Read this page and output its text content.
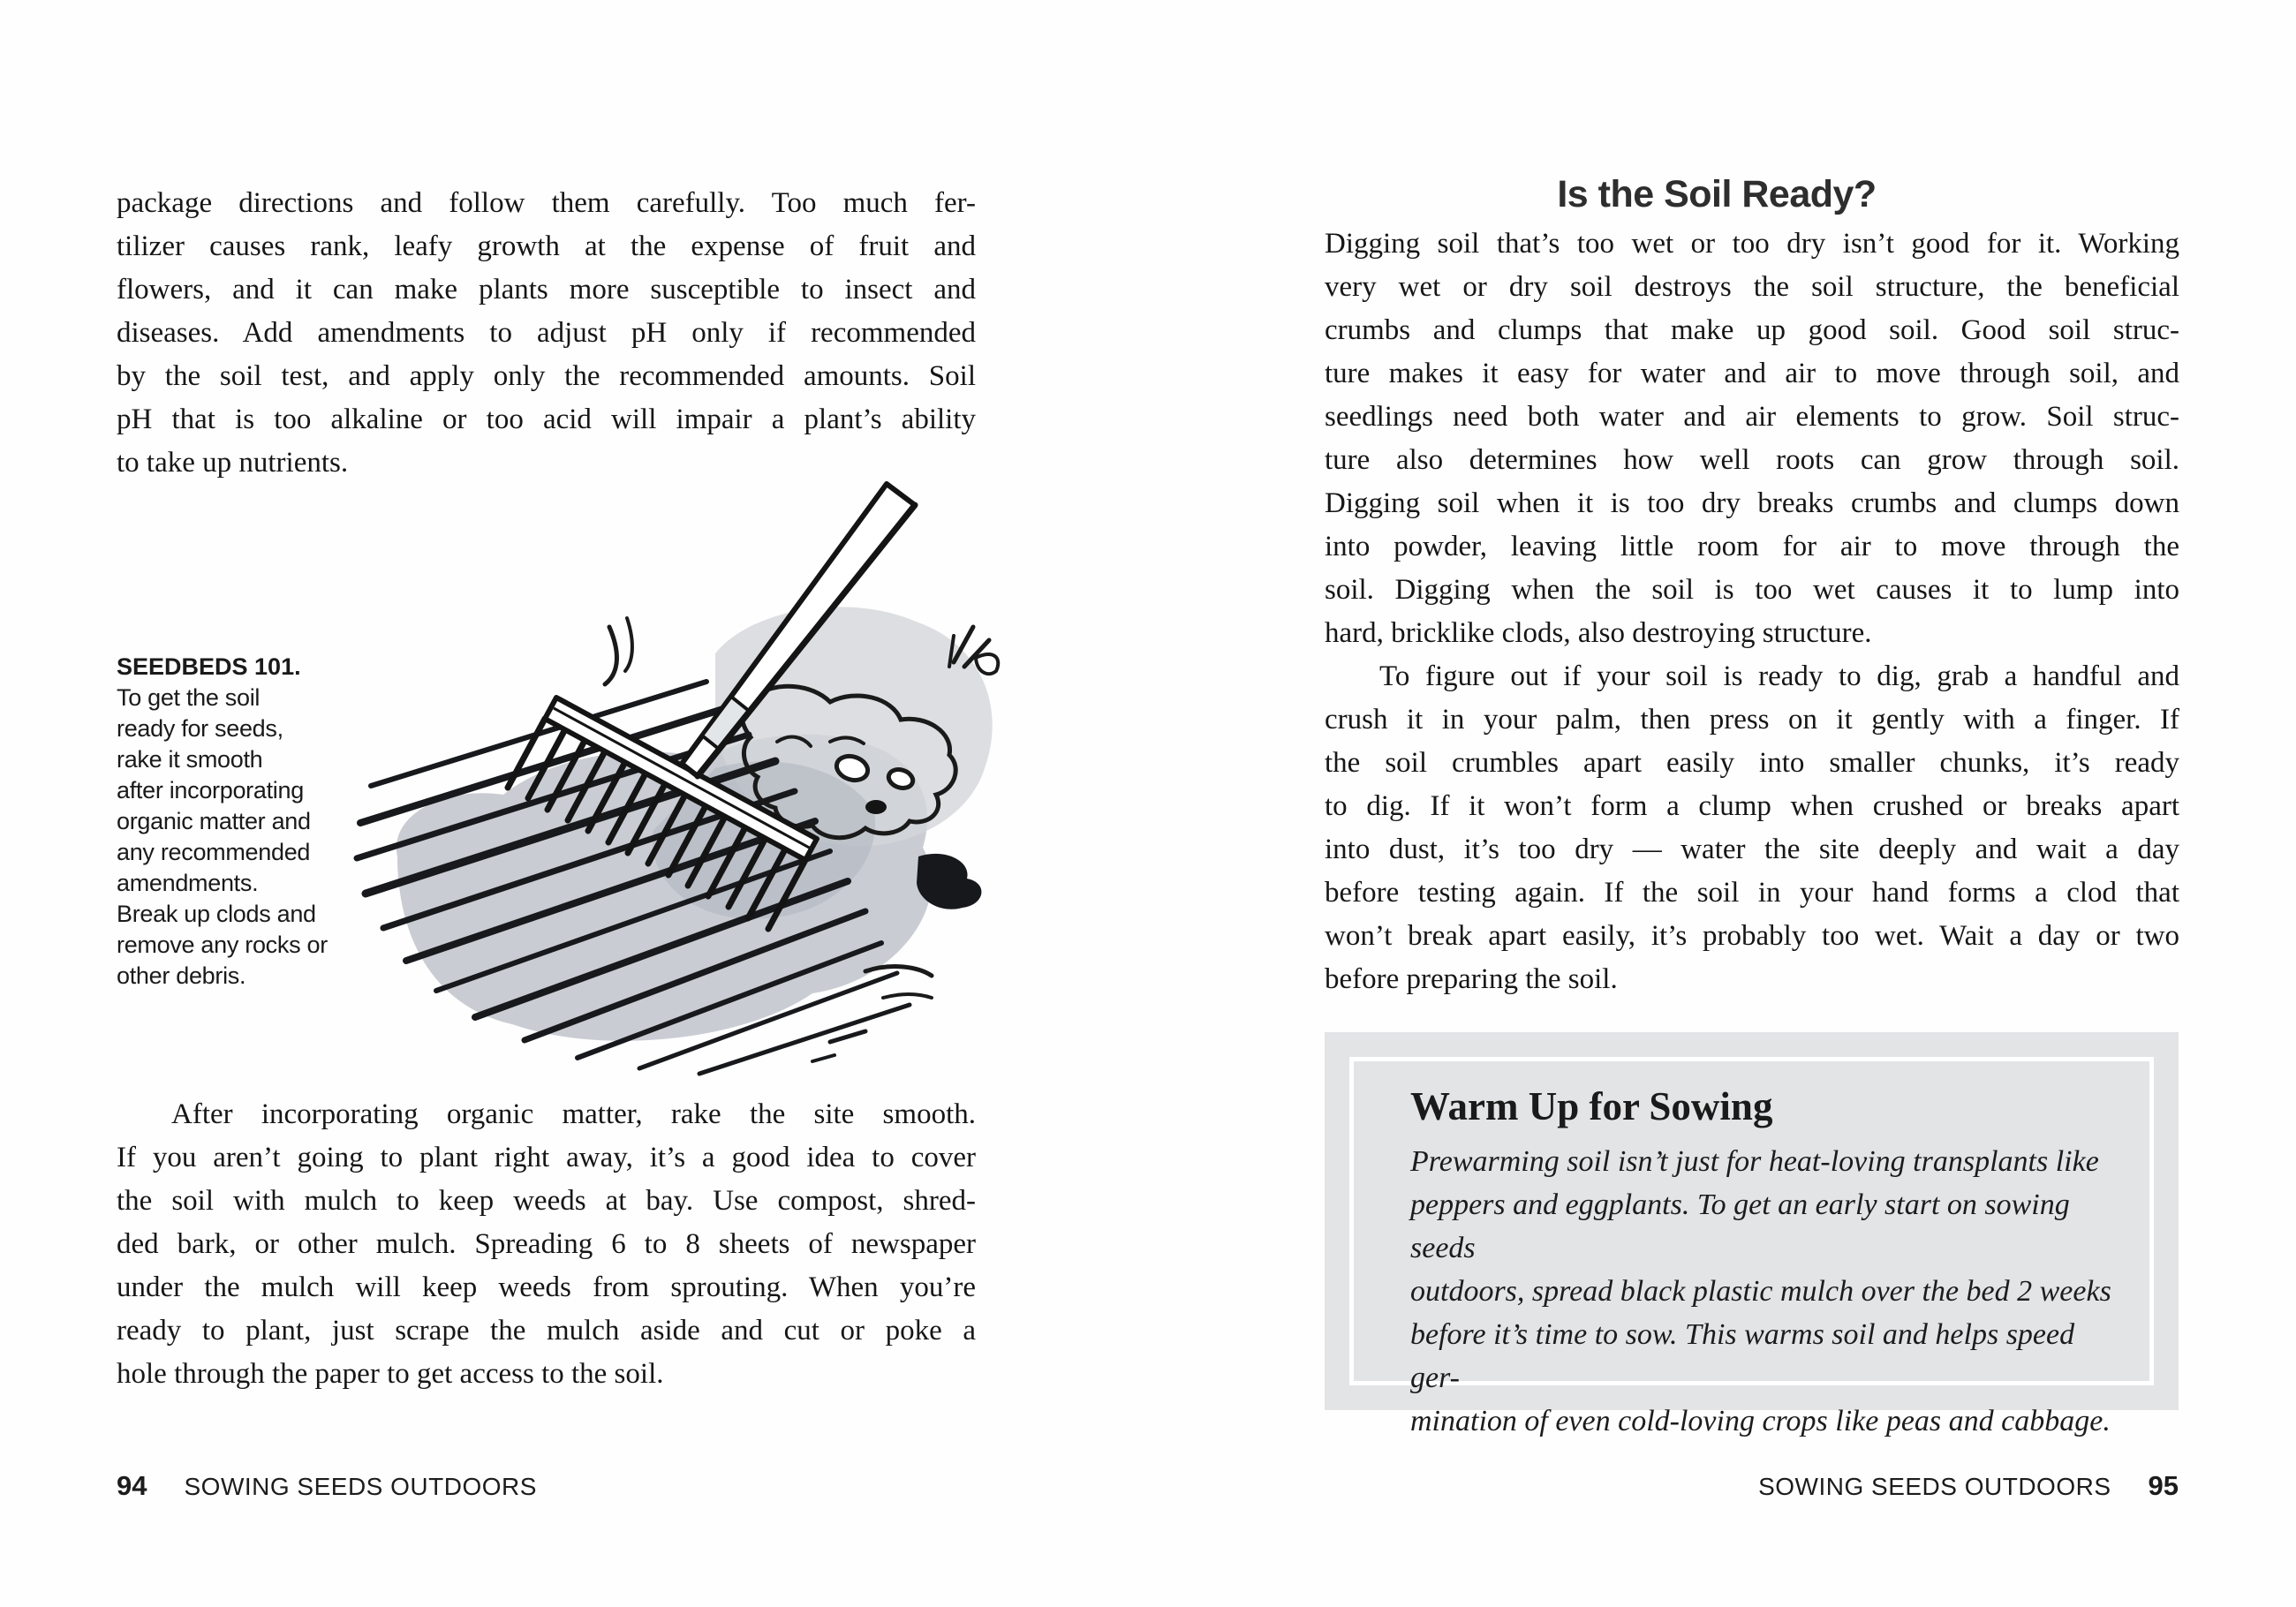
package directions and follow them carefully. Too much fer-
tilizer causes rank, leafy growth at the expense of fruit and
flowers, and it can make plants more susceptible to insect and
diseases. Add amendments to adjust pH only if recommended
by the soil test, and apply only the recommended amounts. Soil
pH that is too alkaline or too acid will impair a plant’s ability
to take up nutrients.
SEEDBEDS 101.
To get the soil
ready for seeds,
rake it smooth
after incorporating
organic matter and
any recommended
amendments.
Break up clods and
remove any rocks or
other debris.
After incorporating organic matter, rake the site smooth.
If you aren’t going to plant right away, it’s a good idea to cover
the soil with mulch to keep weeds at bay. Use compost, shred-
ded bark, or other mulch. Spreading 6 to 8 sheets of newspaper
under the mulch will keep weeds from sprouting. When you’re
ready to plant, just scrape the mulch aside and cut or poke a
hole through the paper to get access to the soil.
94 SOWING SEEDS OUTDOORS
Is the Soil Ready?
Digging soil that’s too wet or too dry isn’t good for it. Working
very wet or dry soil destroys the soil structure, the beneficial
crumbs and clumps that make up good soil. Good soil struc-
ture makes it easy for water and air to move through soil, and
seedlings need both water and air elements to grow. Soil struc-
ture also determines how well roots can grow through soil.
Digging soil when it is too dry breaks crumbs and clumps down
into powder, leaving little room for air to move through the
soil. Digging when the soil is too wet causes it to lump into
hard, bricklike clods, also destroying structure.
To figure out if your soil is ready to dig, grab a handful and
crush it in your palm, then press on it gently with a finger. If
the soil crumbles apart easily into smaller chunks, it’s ready
to dig. If it won’t form a clump when crushed or breaks apart
into dust, it’s too dry — water the site deeply and wait a day
before testing again. If the soil in your hand forms a clod that
won’t break apart easily, it’s probably too wet. Wait a day or two
before preparing the soil.
Warm Up for Sowing
Prewarming soil isn’t just for heat-loving transplants like
peppers and eggplants. To get an early start on sowing seeds
outdoors, spread black plastic mulch over the bed 2 weeks
before it’s time to sow. This warms soil and helps speed ger-
mination of even cold-loving crops like peas and cabbage.
SOWING SEEDS OUTDOORS 95
